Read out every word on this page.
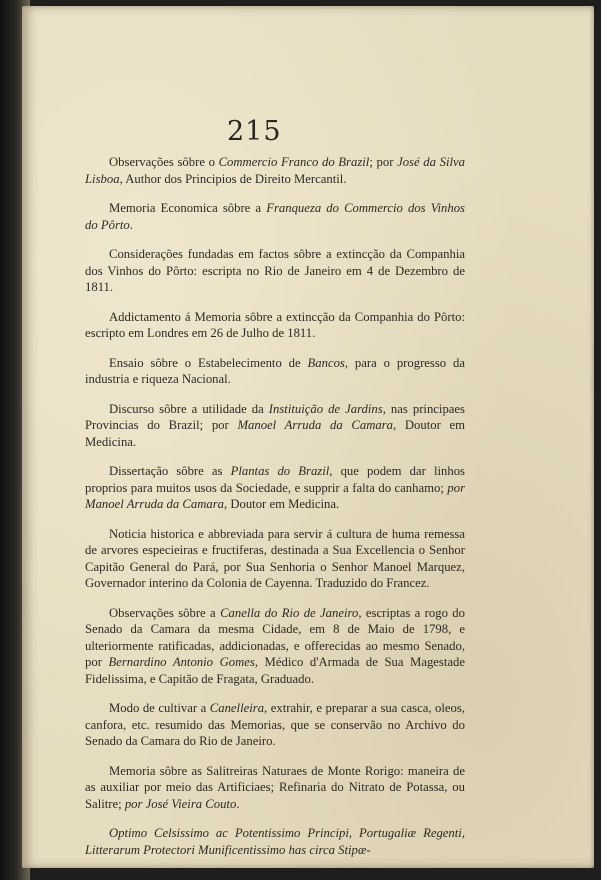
215

Observações sôbre o Commercio Franco do Brazil; por José da Silva Lisboa, Author dos Principios de Direito Mercantil.

Memoria Economica sôbre a Franqueza do Commercio dos Vinhos do Pôrto.

Considerações fundadas em factos sôbre a extincção da Companhia dos Vinhos do Pôrto: escripta no Rio de Janeiro em 4 de Dezembro de 1811.

Addictamento á Memoria sôbre a extincção da Companhia do Pôrto: escripto em Londres em 26 de Julho de 1811.

Ensaio sôbre o Estabelecimento de Bancos, para o progresso da industria e riqueza Nacional.

Discurso sôbre a utilidade da Instituição de Jardins, nas principaes Provincias do Brazil; por Manoel Arruda da Camara, Doutor em Medicina.

Dissertação sôbre as Plantas do Brazil, que podem dar linhos proprios para muitos usos da Sociedade, e supprir a falta do canhamo; por Manoel Arruda da Camara, Doutor em Medicina.

Noticia historica e abbreviada para servir á cultura de huma remessa de arvores especieiras e fructiferas, destinada a Sua Excellencia o Senhor Capitão General do Pará, por Sua Senhoria o Senhor Manoel Marquez, Governador interino da Colonia de Cayenna. Traduzido do Francez.

Observações sôbre a Canella do Rio de Janeiro, escriptas a rogo do Senado da Camara da mesma Cidade, em 8 de Maio de 1798, e ulteriormente ratificadas, addicionadas, e offerecidas ao mesmo Senado, por Bernardino Antonio Gomes, Médico d'Armada de Sua Magestade Fidelissima, e Capitão de Fragata, Graduado.

Modo de cultivar a Canelleira, extrahir, e preparar a sua casca, oleos, canfora, etc. resumido das Memorias, que se conservão no Archivo do Senado da Camara do Rio de Janeiro.

Memoria sôbre as Salitreiras Naturaes de Monte Rorigo: maneira de as auxiliar por meio das Artificiaes; Refinaria do Nitrato de Potassa, ou Salitre; por José Vieira Couto.

Optimo Celsissimo ac Potentissimo Principi, Portugaliæ Regenti, Litterarum Protectori Munificentissimo has circa Stipæ-
